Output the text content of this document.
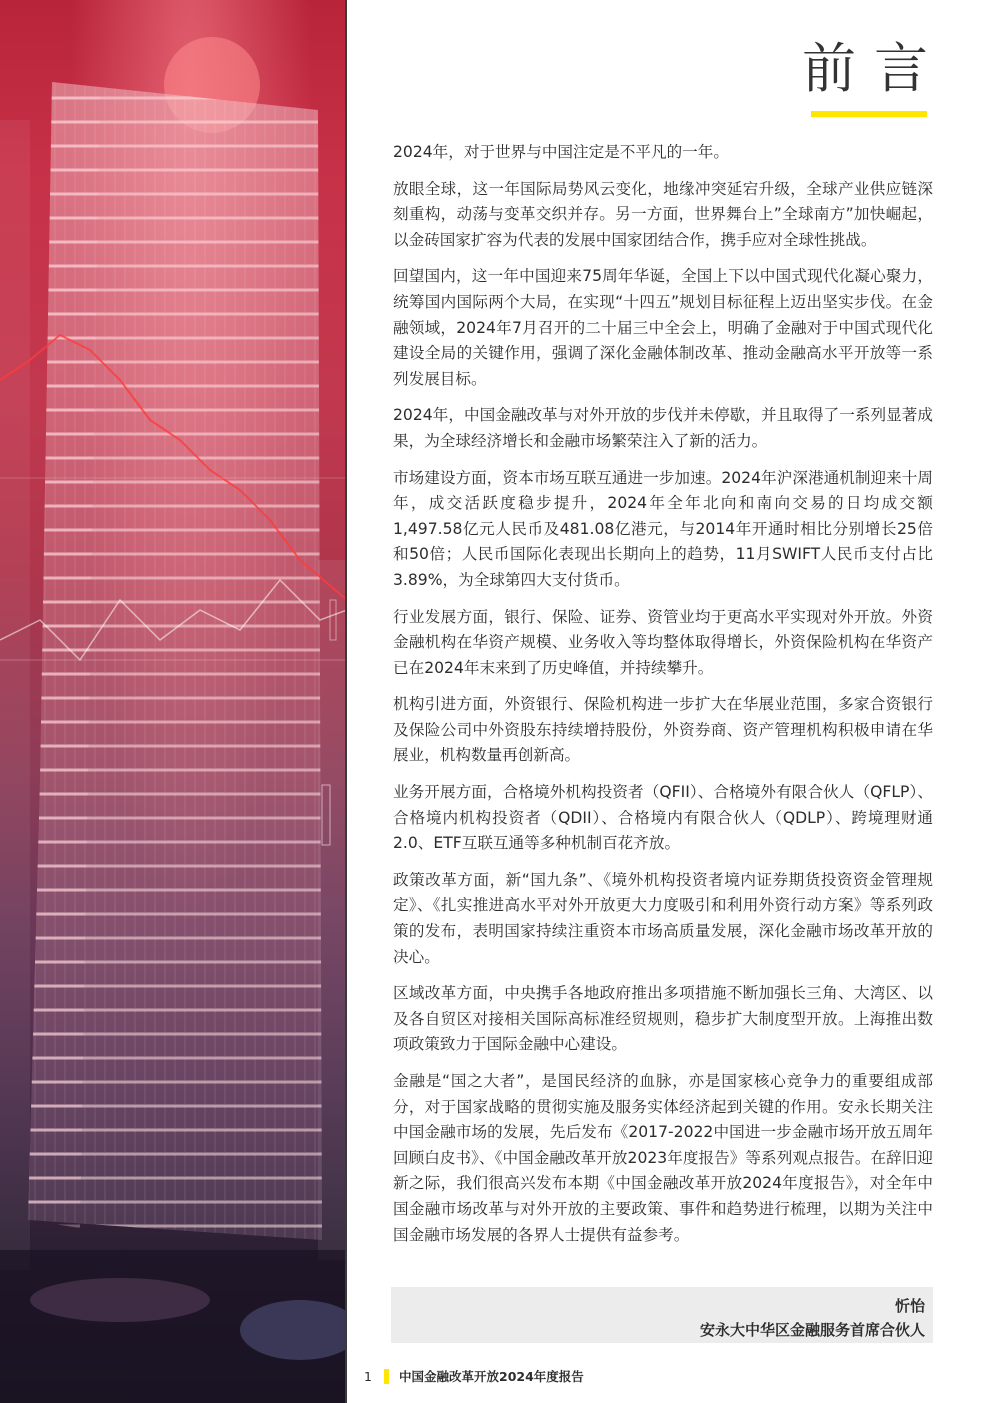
前言

2024年，对于世界与中国注定是不平凡的一年。

放眼全球，这一年国际局势风云变化，地缘冲突延宕升级，全球产业供应链深刻重构，动荡与变革交织并存。另一方面，世界舞台上”全球南方”加快崛起，以金砖国家扩容为代表的发展中国家团结合作，携手应对全球性挑战。

回望国内，这一年中国迎来75周年华诞，全国上下以中国式现代化凝心聚力，统筹国内国际两个大局，在实现“十四五”规划目标征程上迈出坚实步伐。在金融领域，2024年7月召开的二十届三中全会上，明确了金融对于中国式现代化建设全局的关键作用，强调了深化金融体制改革、推动金融高水平开放等一系列发展目标。

2024年，中国金融改革与对外开放的步伐并未停歇，并且取得了一系列显著成果，为全球经济增长和金融市场繁荣注入了新的活力。

市场建设方面，资本市场互联互通进一步加速。2024年沪深港通机制迎来十周年，成交活跃度稳步提升，2024年全年北向和南向交易的日均成交额1,497.58亿元人民币及481.08亿港元，与2014年开通时相比分别增长25倍和50倍；人民币国际化表现出长期向上的趋势，11月SWIFT人民币支付占比3.89%，为全球第四大支付货币。

行业发展方面，银行、保险、证券、资管业均于更高水平实现对外开放。外资金融机构在华资产规模、业务收入等均整体取得增长，外资保险机构在华资产已在2024年末来到了历史峰值，并持续攀升。

机构引进方面，外资银行、保险机构进一步扩大在华展业范围，多家合资银行及保险公司中外资股东持续增持股份，外资券商、资产管理机构积极申请在华展业，机构数量再创新高。

业务开展方面，合格境外机构投资者（QFII）、合格境外有限合伙人（QFLP）、合格境内机构投资者（QDII）、合格境内有限合伙人（QDLP）、跨境理财通2.0、ETF互联互通等多种机制百花齐放。

政策改革方面，新“国九条”、《境外机构投资者境内证券期货投资资金管理规定》、《扎实推进高水平对外开放更大力度吸引和利用外资行动方案》等系列政策的发布，表明国家持续注重资本市场高质量发展，深化金融市场改革开放的决心。

区域改革方面，中央携手各地政府推出多项措施不断加强长三角、大湾区、以及各自贸区对接相关国际高标准经贸规则，稳步扩大制度型开放。上海推出数项政策致力于国际金融中心建设。

金融是“国之大者”，是国民经济的血脉，亦是国家核心竞争力的重要组成部分，对于国家战略的贯彻实施及服务实体经济起到关键的作用。安永长期关注中国金融市场的发展，先后发布《2017-2022中国进一步金融市场开放五周年回顾白皮书》、《中国金融改革开放2023年度报告》等系列观点报告。在辞旧迎新之际，我们很高兴发布本期《中国金融改革开放2024年度报告》，对全年中国金融市场改革与对外开放的主要政策、事件和趋势进行梳理，以期为关注中国金融市场发展的各界人士提供有益参考。

忻怡
安永大中华区金融服务首席合伙人
1	中国金融改革开放2024年度报告
